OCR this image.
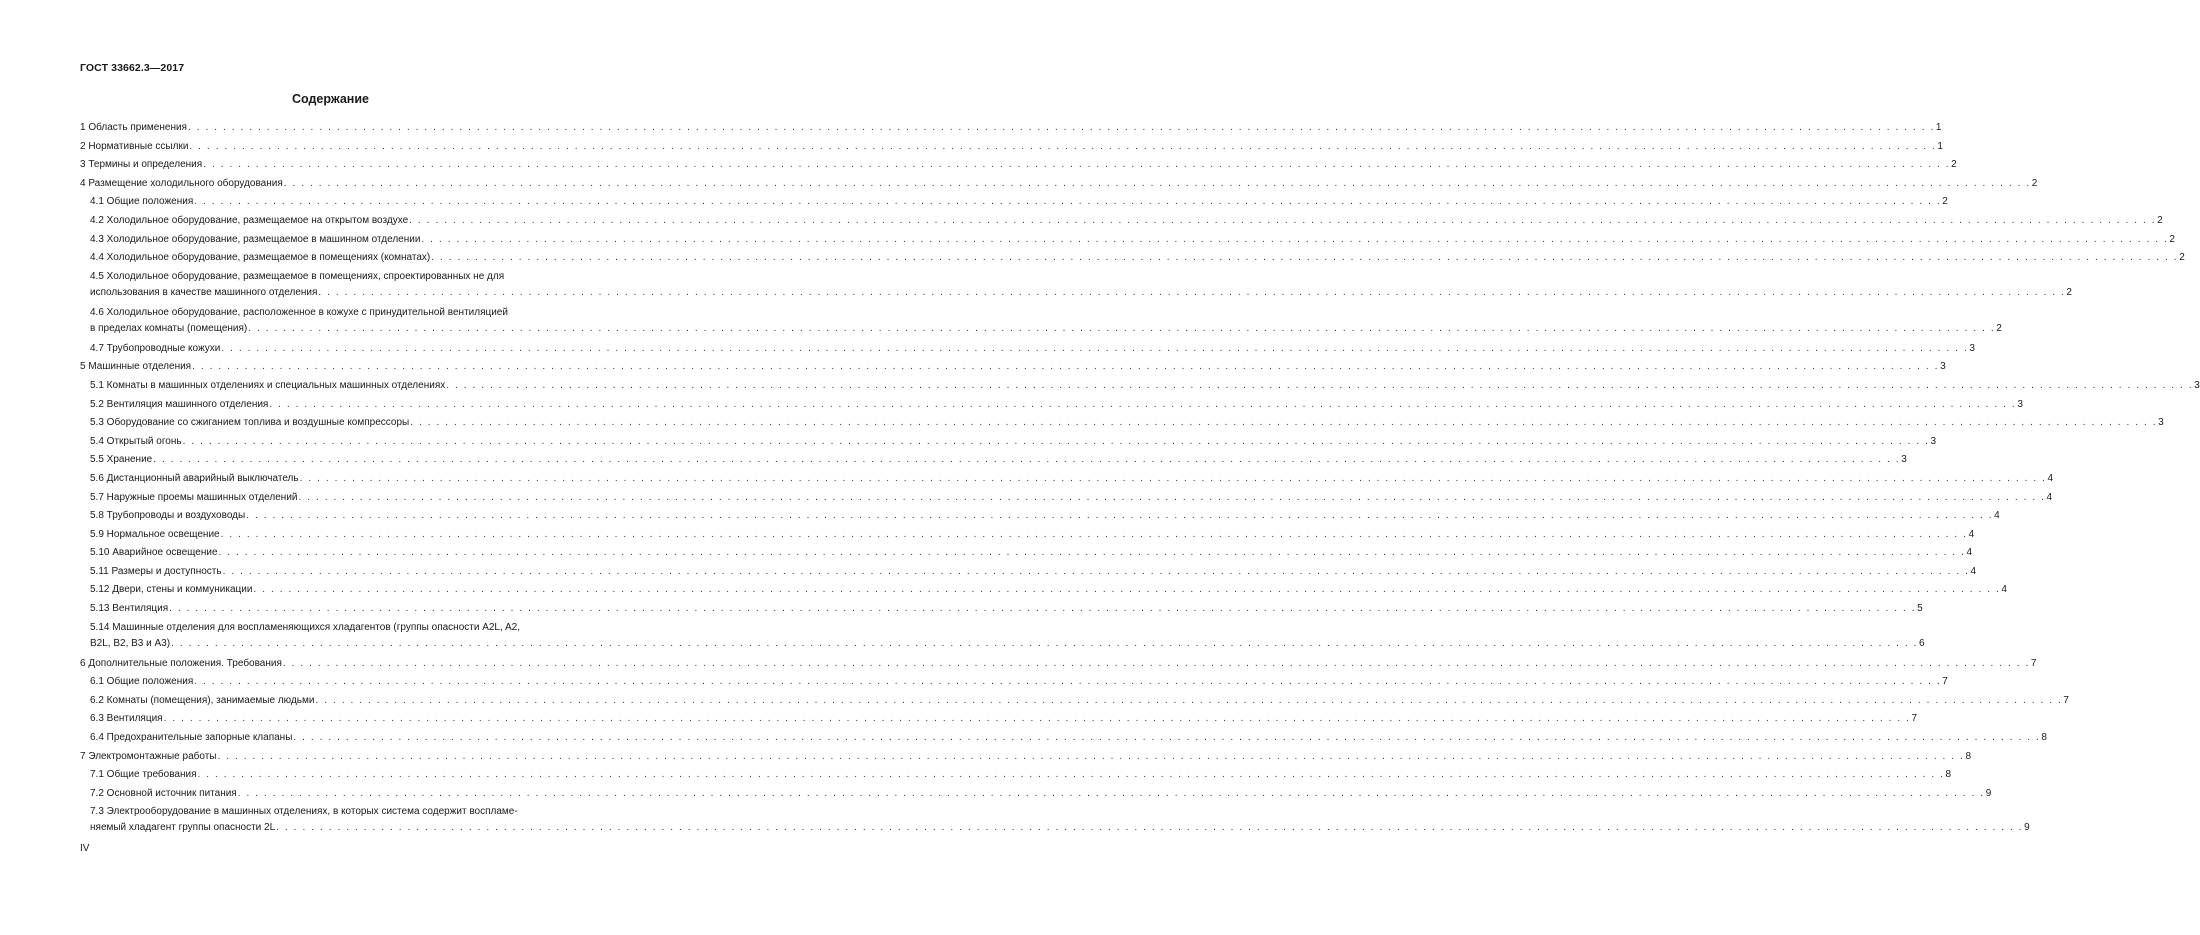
ГОСТ 33662.3—2017
Содержание
1 Область применения . . . . . . . . . . . . . . . . . . . . . . . . . . . . . . . . . . . . . . . . . . . . . . . . . . . . . . . . . . . . . . . . . . . . . . . . . . . . . . . . . . . . . . . . . . . . . . . . . . . . . . . . . . . . . . . . . . . . . . . . . . . . . . . . . . . . . . . . . . . . . . . . . . . . . . . . . . . . . . . . . . . . . . . . . . . . . . . . . . . . . . . . . . . . . . . . . . . . . . . . 1
2 Нормативные ссылки . . . . . . . . . . . . . . . . . . . . . . . . . . . . . . . . . . . . . . . . . . . . . . . . . . . . . . . . . . . . . . . . . . . . . . . . . . . . . . . . . . . . . . . . . . . . . . . . . . . . . . . . . . . . . . . . . . . . . . . . . . . . . . . . . . . . . . . . . . . . . . . . . . . . . . . . . . . . . . . . . . . . . . . . . . . . . . . . . . . . . . . . . . . . . . . . . . . . . . . . 1
3 Термины и определения . . . . . . . . . . . . . . . . . . . . . . . . . . . . . . . . . . . . . . . . . . . . . . . . . . . . . . . . . . . . . . . . . . . . . . . . . . . . . . . . . . . . . . . . . . . . . . . . . . . . . . . . . . . . . . . . . . . . . . . . . . . . . . . . . . . . . . . . . . . . . . . . . . . . . . . . . . . . . . . . . . . . . . . . . . . . . . . . . . . . . . . . . . . . . . . . . . . . . . . . 2
4 Размещение холодильного оборудования . . . . . . . . . . . . . . . . . . . . . . . . . . . . . . . . . . . . . . . . . . . . . . . . . . . . . . . . . . . . . . . . . . . . . . . . . . . . . . . . . . . . . . . . . . . . . . . . . . . . . . . . . . . . . . . . . . . . . . . . . . . . . . . . . . . . . . . . . . . . . . . . . . . . . . . . . . . . . . . . . . . . . . . . . . . . . . . . . . . . . . . . . . . . . . . . . . . . . . . . 2
4.1 Общие положения . . . . . . . . . . . . . . . . . . . . . . . . . . . . . . . . . . . . . . . . . . . . . . . . . . . . . . . . . . . . . . . . . . . . . . . . . . . . . . . . . . . . . . . . . . . . . . . . . . . . . . . . . . . . . . . . . . . . . . . . . . . . . . . . . . . . . . . . . . . . . . . . . . . . . . . . . . . . . . . . . . . . . . . . . . . . . . . . . . . . . . . . . . . . . . . . . . . . . . . . 2
4.2 Холодильное оборудование, размещаемое на открытом воздухе . . . . . . . . . . . . . . . . . . . . . . . . . . . . . . . . . . . . . . . . . . . . . . . . . . . . . . . . . . . . . . . . . . . . . . . . . . . . . . . . . . . . . . . . . . . . . . . . . . . . . . . . . . . . . . . . . . . . . . . . . . . . . . . . . . . . . . . . . . . . . . . . . . . . . . . . . . . . . . . . . . . . . . . . . . . . . . . . . . . . . . . . . . . . . . . . . . . . . . . . 2
4.3 Холодильное оборудование, размещаемое в машинном отделении . . . . . . . . . . . . . . . . . . . . . . . . . . . . . . . . . . . . . . . . . . . . . . . . . . . . . . . . . . . . . . . . . . . . . . . . . . . . . . . . . . . . . . . . . . . . . . . . . . . . . . . . . . . . . . . . . . . . . . . . . . . . . . . . . . . . . . . . . . . . . . . . . . . . . . . . . . . . . . . . . . . . . . . . . . . . . . . . . . . . . . . . . . . . . . . . . . . . . . . . 2
4.4 Холодильное оборудование, размещаемое в помещениях (комнатах) . . . . . . . . . . . . . . . . . . . . . . . . . . . . . . . . . . . . . . . . . . . . . . . . . . . . . . . . . . . . . . . . . . . . . . . . . . . . . . . . . . . . . . . . . . . . . . . . . . . . . . . . . . . . . . . . . . . . . . . . . . . . . . . . . . . . . . . . . . . . . . . . . . . . . . . . . . . . . . . . . . . . . . . . . . . . . . . . . . . . . . . . . . . . . . . . . . . . . . . . 2
4.5 Холодильное оборудование, размещаемое в помещениях, спроектированных не для
использования в качестве машинного отделения . . . . . . . . . . . . . . . . . . . . . . . . . . . . . . . . . . . . . . . . . . . . . . . . . . . . . . . . . . . . . . . . . . . . . . . . . . . . . . . . . . . . . . . . . . . . . . . . . . . . . . . . . . . . . . . . . . . . . . . . . . . . . . . . . . . . . . . . . . . . . . . . . . . . . . . . . . . . . . . . . . . . . . . . . . . . . . . . . . . . . . . . . . . . . . . . . . . . . . . . 2
4.6 Холодильное оборудование, расположенное в кожухе с принудительной вентиляцией
в пределах комнаты (помещения) . . . . . . . . . . . . . . . . . . . . . . . . . . . . . . . . . . . . . . . . . . . . . . . . . . . . . . . . . . . . . . . . . . . . . . . . . . . . . . . . . . . . . . . . . . . . . . . . . . . . . . . . . . . . . . . . . . . . . . . . . . . . . . . . . . . . . . . . . . . . . . . . . . . . . . . . . . . . . . . . . . . . . . . . . . . . . . . . . . . . . . . . . . . . . . . . . . . . . . . . 2
4.7 Трубопроводные кожухи . . . . . . . . . . . . . . . . . . . . . . . . . . . . . . . . . . . . . . . . . . . . . . . . . . . . . . . . . . . . . . . . . . . . . . . . . . . . . . . . . . . . . . . . . . . . . . . . . . . . . . . . . . . . . . . . . . . . . . . . . . . . . . . . . . . . . . . . . . . . . . . . . . . . . . . . . . . . . . . . . . . . . . . . . . . . . . . . . . . . . . . . . . . . . . . . . . . . . . . . 3
5 Машинные отделения . . . . . . . . . . . . . . . . . . . . . . . . . . . . . . . . . . . . . . . . . . . . . . . . . . . . . . . . . . . . . . . . . . . . . . . . . . . . . . . . . . . . . . . . . . . . . . . . . . . . . . . . . . . . . . . . . . . . . . . . . . . . . . . . . . . . . . . . . . . . . . . . . . . . . . . . . . . . . . . . . . . . . . . . . . . . . . . . . . . . . . . . . . . . . . . . . . . . . . . . 3
5.1 Комнаты в машинных отделениях и специальных машинных отделениях . . . . . . . . . . . . . . . . . . . . . . . . . . . . . . . . . . . . . . . . . . . . . . . . . . . . . . . . . . . . . . . . . . . . . . . . . . . . . . . . . . . . . . . . . . . . . . . . . . . . . . . . . . . . . . . . . . . . . . . . . . . . . . . . . . . . . . . . . . . . . . . . . . . . . . . . . . . . . . . . . . . . . . . . . . . . . . . . . . . . . . . . . . . . . . . . . . . . . . . . 3
5.2 Вентиляция машинного отделения . . . . . . . . . . . . . . . . . . . . . . . . . . . . . . . . . . . . . . . . . . . . . . . . . . . . . . . . . . . . . . . . . . . . . . . . . . . . . . . . . . . . . . . . . . . . . . . . . . . . . . . . . . . . . . . . . . . . . . . . . . . . . . . . . . . . . . . . . . . . . . . . . . . . . . . . . . . . . . . . . . . . . . . . . . . . . . . . . . . . . . . . . . . . . . . . . . . . . . . . 3
5.3 Оборудование со сжиганием топлива и воздушные компрессоры . . . . . . . . . . . . . . . . . . . . . . . . . . . . . . . . . . . . . . . . . . . . . . . . . . . . . . . . . . . . . . . . . . . . . . . . . . . . . . . . . . . . . . . . . . . . . . . . . . . . . . . . . . . . . . . . . . . . . . . . . . . . . . . . . . . . . . . . . . . . . . . . . . . . . . . . . . . . . . . . . . . . . . . . . . . . . . . . . . . . . . . . . . . . . . . . . . . . . . . . 3
5.4 Открытый огонь . . . . . . . . . . . . . . . . . . . . . . . . . . . . . . . . . . . . . . . . . . . . . . . . . . . . . . . . . . . . . . . . . . . . . . . . . . . . . . . . . . . . . . . . . . . . . . . . . . . . . . . . . . . . . . . . . . . . . . . . . . . . . . . . . . . . . . . . . . . . . . . . . . . . . . . . . . . . . . . . . . . . . . . . . . . . . . . . . . . . . . . . . . . . . . . . . . . . . . . . 3
5.5 Хранение . . . . . . . . . . . . . . . . . . . . . . . . . . . . . . . . . . . . . . . . . . . . . . . . . . . . . . . . . . . . . . . . . . . . . . . . . . . . . . . . . . . . . . . . . . . . . . . . . . . . . . . . . . . . . . . . . . . . . . . . . . . . . . . . . . . . . . . . . . . . . . . . . . . . . . . . . . . . . . . . . . . . . . . . . . . . . . . . . . . . . . . . . . . . . . . . . . . . . . . . 3
5.6 Дистанционный аварийный выключатель . . . . . . . . . . . . . . . . . . . . . . . . . . . . . . . . . . . . . . . . . . . . . . . . . . . . . . . . . . . . . . . . . . . . . . . . . . . . . . . . . . . . . . . . . . . . . . . . . . . . . . . . . . . . . . . . . . . . . . . . . . . . . . . . . . . . . . . . . . . . . . . . . . . . . . . . . . . . . . . . . . . . . . . . . . . . . . . . . . . . . . . . . . . . . . . . . . . . . . . . 4
5.7 Наружные проемы машинных отделений . . . . . . . . . . . . . . . . . . . . . . . . . . . . . . . . . . . . . . . . . . . . . . . . . . . . . . . . . . . . . . . . . . . . . . . . . . . . . . . . . . . . . . . . . . . . . . . . . . . . . . . . . . . . . . . . . . . . . . . . . . . . . . . . . . . . . . . . . . . . . . . . . . . . . . . . . . . . . . . . . . . . . . . . . . . . . . . . . . . . . . . . . . . . . . . . . . . . . . . . 4
5.8 Трубопроводы и воздуховоды . . . . . . . . . . . . . . . . . . . . . . . . . . . . . . . . . . . . . . . . . . . . . . . . . . . . . . . . . . . . . . . . . . . . . . . . . . . . . . . . . . . . . . . . . . . . . . . . . . . . . . . . . . . . . . . . . . . . . . . . . . . . . . . . . . . . . . . . . . . . . . . . . . . . . . . . . . . . . . . . . . . . . . . . . . . . . . . . . . . . . . . . . . . . . . . . . . . . . . . . 4
5.9 Нормальное освещение . . . . . . . . . . . . . . . . . . . . . . . . . . . . . . . . . . . . . . . . . . . . . . . . . . . . . . . . . . . . . . . . . . . . . . . . . . . . . . . . . . . . . . . . . . . . . . . . . . . . . . . . . . . . . . . . . . . . . . . . . . . . . . . . . . . . . . . . . . . . . . . . . . . . . . . . . . . . . . . . . . . . . . . . . . . . . . . . . . . . . . . . . . . . . . . . . . . . . . . . 4
5.10 Аварийное освещение . . . . . . . . . . . . . . . . . . . . . . . . . . . . . . . . . . . . . . . . . . . . . . . . . . . . . . . . . . . . . . . . . . . . . . . . . . . . . . . . . . . . . . . . . . . . . . . . . . . . . . . . . . . . . . . . . . . . . . . . . . . . . . . . . . . . . . . . . . . . . . . . . . . . . . . . . . . . . . . . . . . . . . . . . . . . . . . . . . . . . . . . . . . . . . . . . . . . . . . . 4
5.11 Размеры и доступность . . . . . . . . . . . . . . . . . . . . . . . . . . . . . . . . . . . . . . . . . . . . . . . . . . . . . . . . . . . . . . . . . . . . . . . . . . . . . . . . . . . . . . . . . . . . . . . . . . . . . . . . . . . . . . . . . . . . . . . . . . . . . . . . . . . . . . . . . . . . . . . . . . . . . . . . . . . . . . . . . . . . . . . . . . . . . . . . . . . . . . . . . . . . . . . . . . . . . . . . 4
5.12 Двери, стены и коммуникации . . . . . . . . . . . . . . . . . . . . . . . . . . . . . . . . . . . . . . . . . . . . . . . . . . . . . . . . . . . . . . . . . . . . . . . . . . . . . . . . . . . . . . . . . . . . . . . . . . . . . . . . . . . . . . . . . . . . . . . . . . . . . . . . . . . . . . . . . . . . . . . . . . . . . . . . . . . . . . . . . . . . . . . . . . . . . . . . . . . . . . . . . . . . . . . . . . . . . . . . 4
5.13 Вентиляция . . . . . . . . . . . . . . . . . . . . . . . . . . . . . . . . . . . . . . . . . . . . . . . . . . . . . . . . . . . . . . . . . . . . . . . . . . . . . . . . . . . . . . . . . . . . . . . . . . . . . . . . . . . . . . . . . . . . . . . . . . . . . . . . . . . . . . . . . . . . . . . . . . . . . . . . . . . . . . . . . . . . . . . . . . . . . . . . . . . . . . . . . . . . . . . . . . . . . . . . 5
5.14 Машинные отделения для воспламеняющихся хладагентов (группы опасности A2L, A2,
B2L, B2, B3 и A3) . . . . . . . . . . . . . . . . . . . . . . . . . . . . . . . . . . . . . . . . . . . . . . . . . . . . . . . . . . . . . . . . . . . . . . . . . . . . . . . . . . . . . . . . . . . . . . . . . . . . . . . . . . . . . . . . . . . . . . . . . . . . . . . . . . . . . . . . . . . . . . . . . . . . . . . . . . . . . . . . . . . . . . . . . . . . . . . . . . . . . . . . . . . . . . . . . . . . . . . . 6
6 Дополнительные положения. Требования . . . . . . . . . . . . . . . . . . . . . . . . . . . . . . . . . . . . . . . . . . . . . . . . . . . . . . . . . . . . . . . . . . . . . . . . . . . . . . . . . . . . . . . . . . . . . . . . . . . . . . . . . . . . . . . . . . . . . . . . . . . . . . . . . . . . . . . . . . . . . . . . . . . . . . . . . . . . . . . . . . . . . . . . . . . . . . . . . . . . . . . . . . . . . . . . . . . . . . . . 7
6.1 Общие положения . . . . . . . . . . . . . . . . . . . . . . . . . . . . . . . . . . . . . . . . . . . . . . . . . . . . . . . . . . . . . . . . . . . . . . . . . . . . . . . . . . . . . . . . . . . . . . . . . . . . . . . . . . . . . . . . . . . . . . . . . . . . . . . . . . . . . . . . . . . . . . . . . . . . . . . . . . . . . . . . . . . . . . . . . . . . . . . . . . . . . . . . . . . . . . . . . . . . . . . . 7
6.2 Комнаты (помещения), занимаемые людьми . . . . . . . . . . . . . . . . . . . . . . . . . . . . . . . . . . . . . . . . . . . . . . . . . . . . . . . . . . . . . . . . . . . . . . . . . . . . . . . . . . . . . . . . . . . . . . . . . . . . . . . . . . . . . . . . . . . . . . . . . . . . . . . . . . . . . . . . . . . . . . . . . . . . . . . . . . . . . . . . . . . . . . . . . . . . . . . . . . . . . . . . . . . . . . . . . . . . . . . . 7
6.3 Вентиляция . . . . . . . . . . . . . . . . . . . . . . . . . . . . . . . . . . . . . . . . . . . . . . . . . . . . . . . . . . . . . . . . . . . . . . . . . . . . . . . . . . . . . . . . . . . . . . . . . . . . . . . . . . . . . . . . . . . . . . . . . . . . . . . . . . . . . . . . . . . . . . . . . . . . . . . . . . . . . . . . . . . . . . . . . . . . . . . . . . . . . . . . . . . . . . . . . . . . . . . . 7
6.4 Предохранительные запорные клапаны . . . . . . . . . . . . . . . . . . . . . . . . . . . . . . . . . . . . . . . . . . . . . . . . . . . . . . . . . . . . . . . . . . . . . . . . . . . . . . . . . . . . . . . . . . . . . . . . . . . . . . . . . . . . . . . . . . . . . . . . . . . . . . . . . . . . . . . . . . . . . . . . . . . . . . . . . . . . . . . . . . . . . . . . . . . . . . . . . . . . . . . . . . . . . . . . . . . . . . . . 8
7 Электромонтажные работы . . . . . . . . . . . . . . . . . . . . . . . . . . . . . . . . . . . . . . . . . . . . . . . . . . . . . . . . . . . . . . . . . . . . . . . . . . . . . . . . . . . . . . . . . . . . . . . . . . . . . . . . . . . . . . . . . . . . . . . . . . . . . . . . . . . . . . . . . . . . . . . . . . . . . . . . . . . . . . . . . . . . . . . . . . . . . . . . . . . . . . . . . . . . . . . . . . . . . . . . 8
7.1 Общие требования . . . . . . . . . . . . . . . . . . . . . . . . . . . . . . . . . . . . . . . . . . . . . . . . . . . . . . . . . . . . . . . . . . . . . . . . . . . . . . . . . . . . . . . . . . . . . . . . . . . . . . . . . . . . . . . . . . . . . . . . . . . . . . . . . . . . . . . . . . . . . . . . . . . . . . . . . . . . . . . . . . . . . . . . . . . . . . . . . . . . . . . . . . . . . . . . . . . . . . . . 8
7.2 Основной источник питания . . . . . . . . . . . . . . . . . . . . . . . . . . . . . . . . . . . . . . . . . . . . . . . . . . . . . . . . . . . . . . . . . . . . . . . . . . . . . . . . . . . . . . . . . . . . . . . . . . . . . . . . . . . . . . . . . . . . . . . . . . . . . . . . . . . . . . . . . . . . . . . . . . . . . . . . . . . . . . . . . . . . . . . . . . . . . . . . . . . . . . . . . . . . . . . . . . . . . . . . 9
7.3 Электрооборудование в машинных отделениях, в которых система содержит воспламе-
няемый хладагент группы опасности 2L . . . . . . . . . . . . . . . . . . . . . . . . . . . . . . . . . . . . . . . . . . . . . . . . . . . . . . . . . . . . . . . . . . . . . . . . . . . . . . . . . . . . . . . . . . . . . . . . . . . . . . . . . . . . . . . . . . . . . . . . . . . . . . . . . . . . . . . . . . . . . . . . . . . . . . . . . . . . . . . . . . . . . . . . . . . . . . . . . . . . . . . . . . . . . . . . . . . . . . . . 9
IV
